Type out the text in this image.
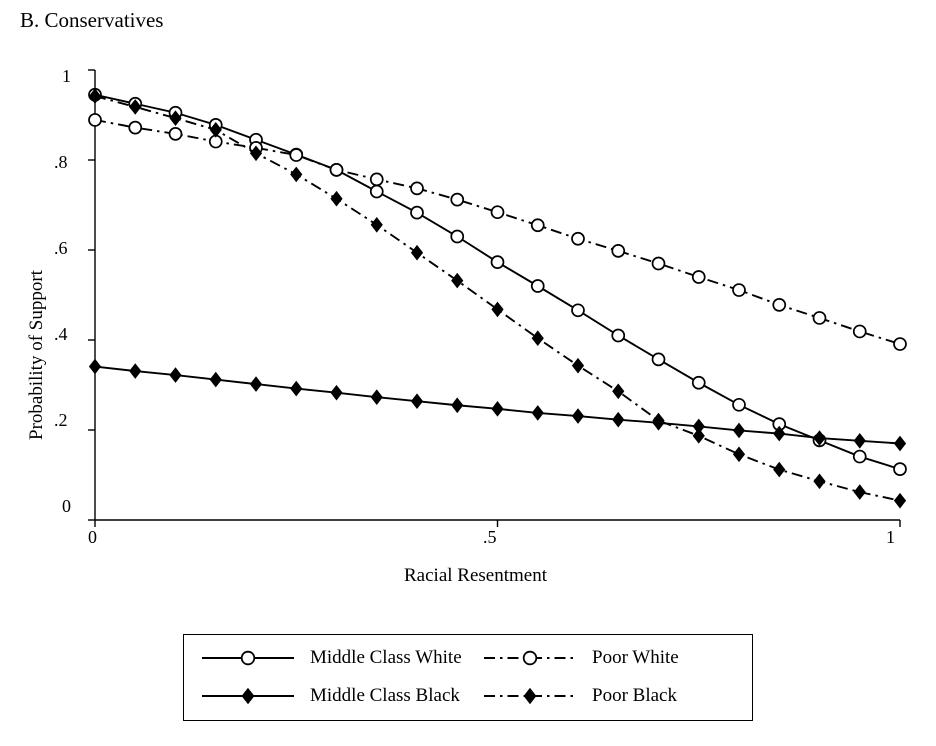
B. Conservatives
Probability of Support
Racial Resentment
1
.8
.6
.4
.2
0
0	.5	1
Middle Class White	Poor White
Middle Class Black	Poor Black
